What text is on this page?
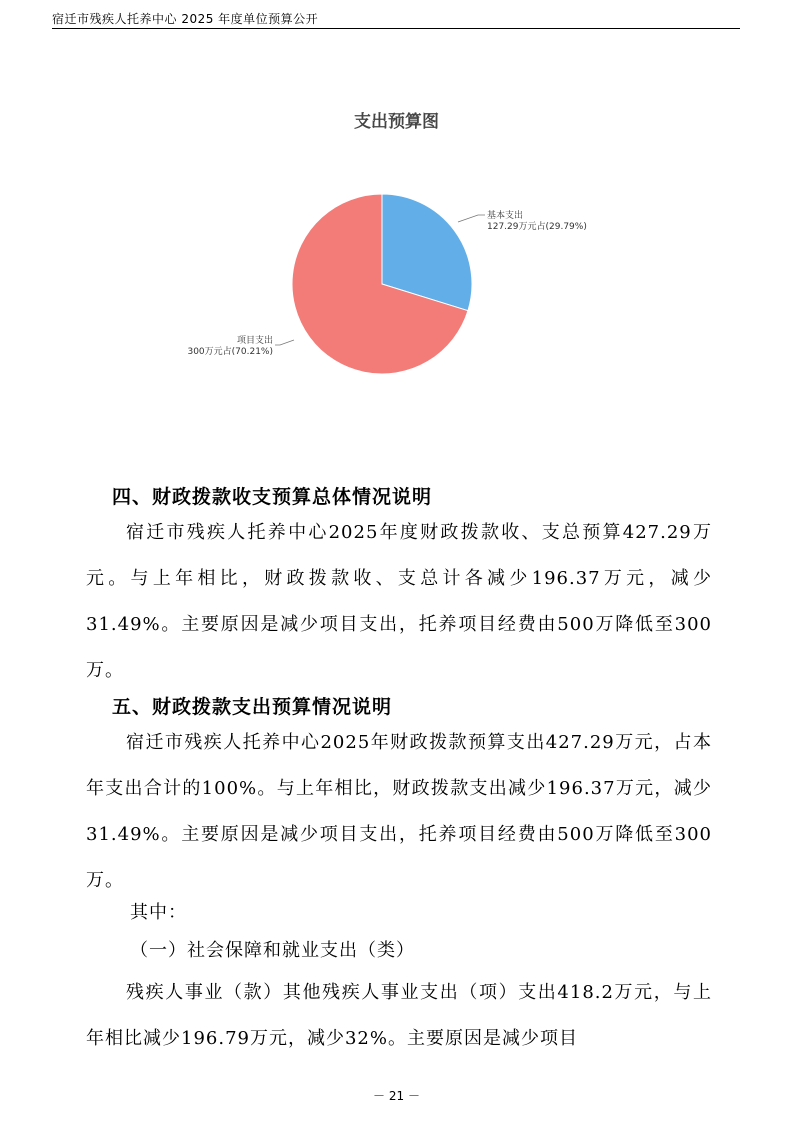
宿迁市残疾人托养中心 2025 年度单位预算公开
支出预算图
基本支出
127.29万元占(29.79%)
项目支出
300万元占(70.21%)
四、财政拨款收支预算总体情况说明
宿迁市残疾人托养中心2025年度财政拨款收、支总预算427.29万元。与上年相比，财政拨款收、支总计各减少196.37万元，减少31.49%。主要原因是减少项目支出，托养项目经费由500万降低至300万。
五、财政拨款支出预算情况说明
宿迁市残疾人托养中心2025年财政拨款预算支出427.29万元，占本年支出合计的100%。与上年相比，财政拨款支出减少196.37万元，减少31.49%。主要原因是减少项目支出，托养项目经费由500万降低至300万。
其中：
（一）社会保障和就业支出（类）
残疾人事业（款）其他残疾人事业支出（项）支出418.2万元，与上年相比减少196.79万元，减少32%。主要原因是减少项目
－ 21 －
